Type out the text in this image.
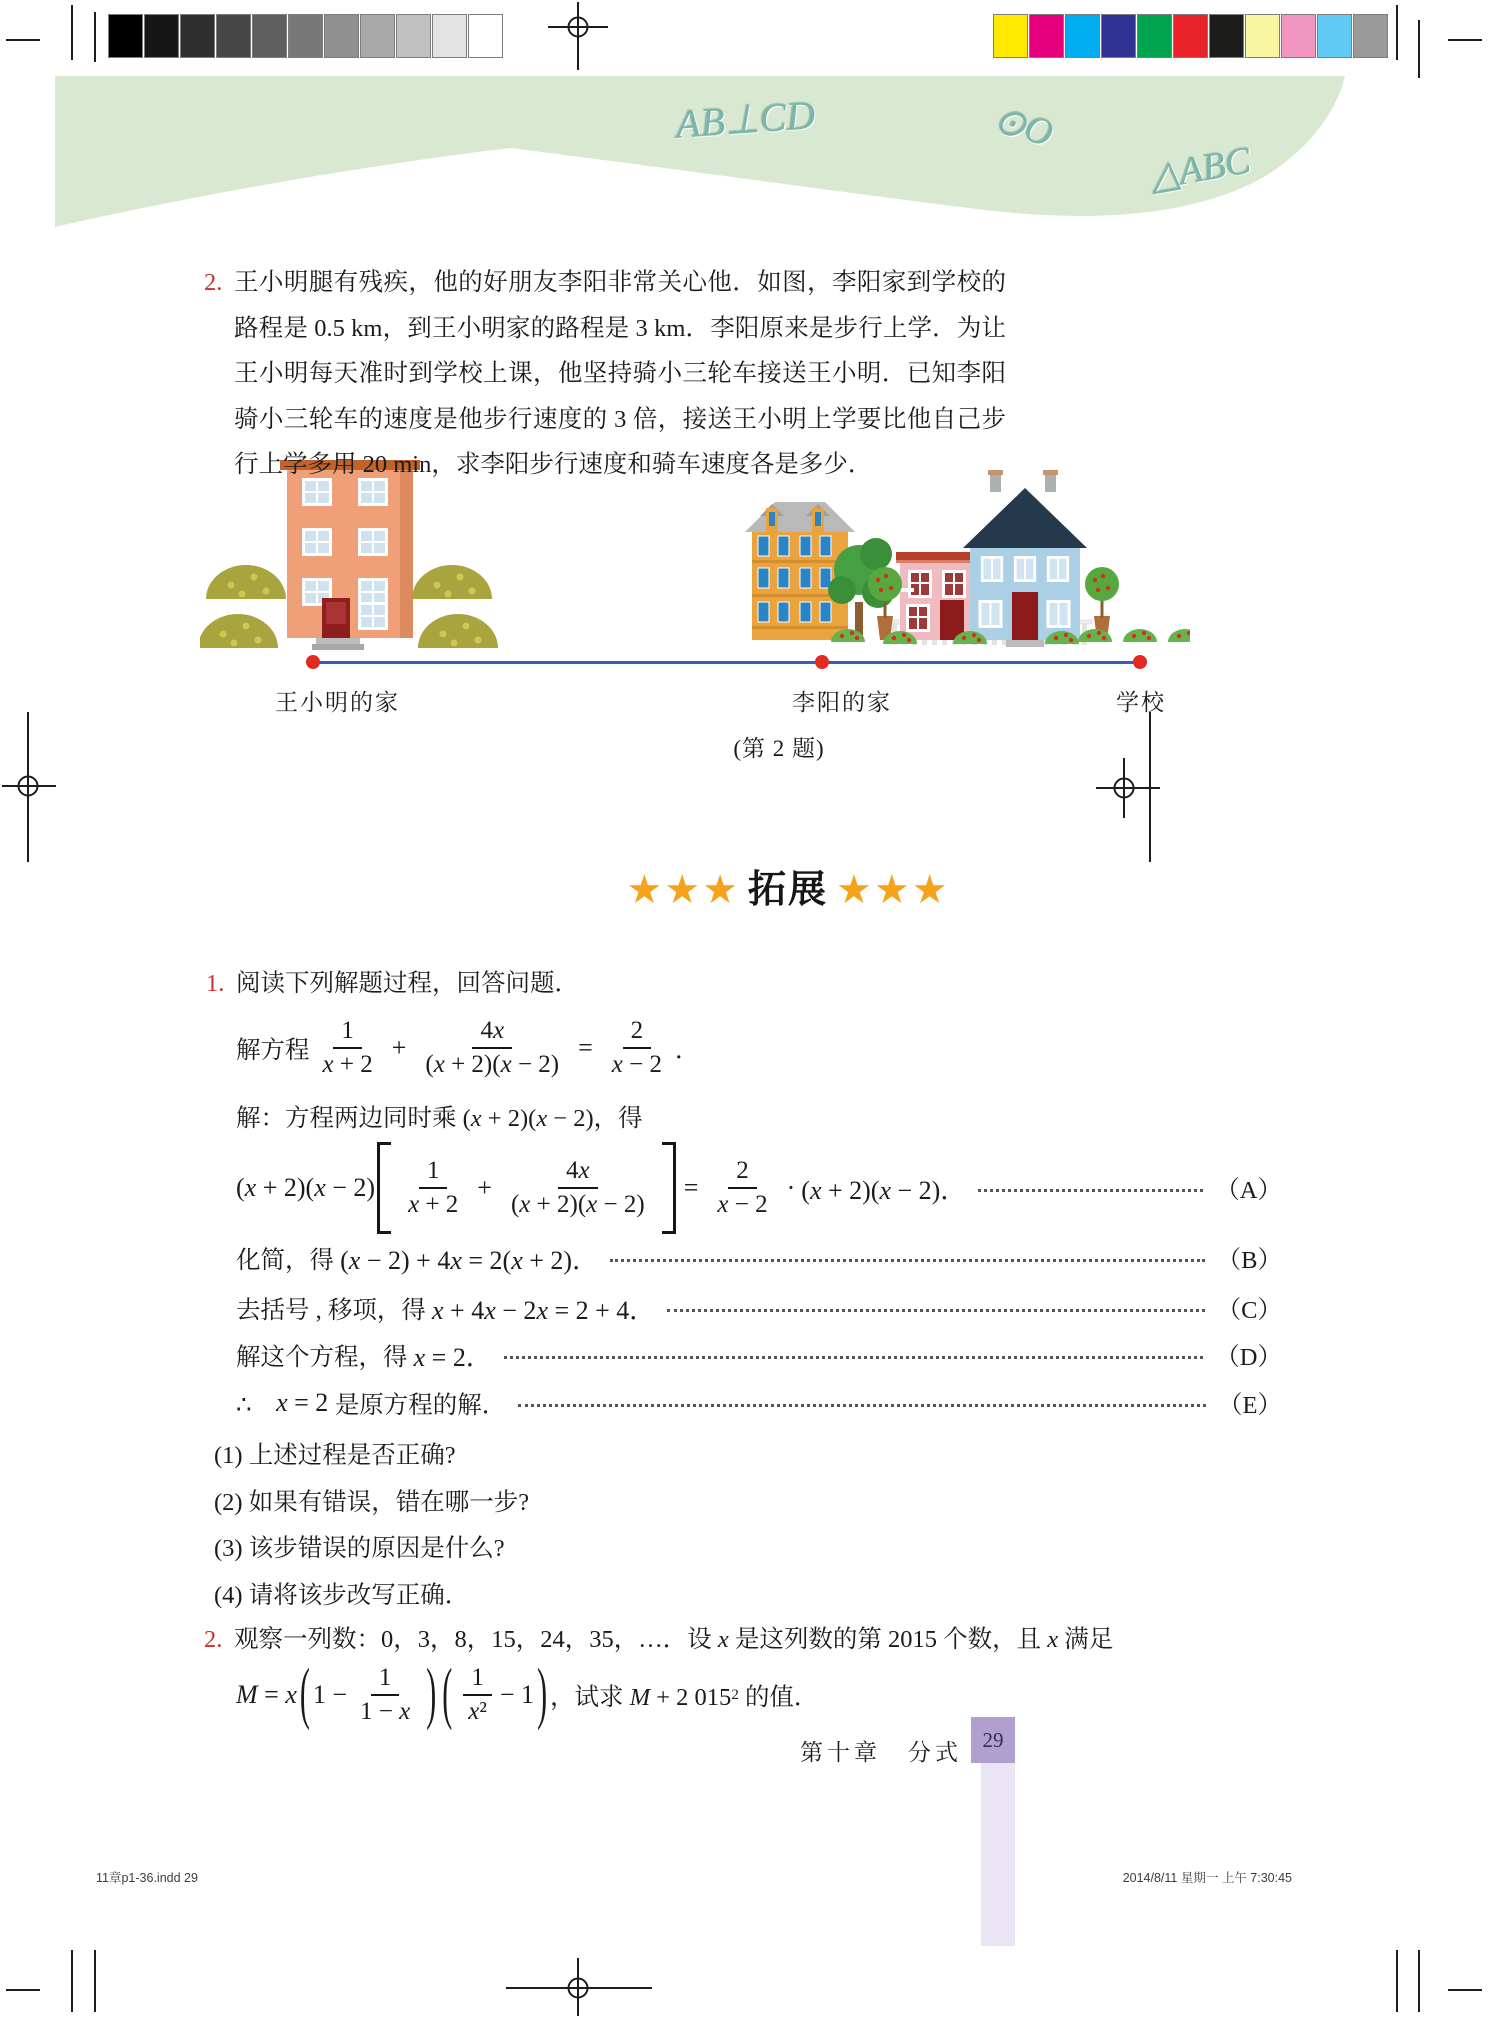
AB⊥CD	⊙O
△ABC
2. 王小明腿有残疾，他的好朋友李阳非常关心他．如图，李阳家到学校的路程是 0.5 km，到王小明家的路程是 3 km．李阳原来是步行上学．为让王小明每天准时到学校上课，他坚持骑小三轮车接送王小明．已知李阳骑小三轮车的速度是他步行速度的 3 倍，接送王小明上学要比他自己步行上学多用 20 min，求李阳步行速度和骑车速度各是多少．
王小明的家	李阳的家	学校
(第 2 题)
★★★ 拓展 ★★★
1. 阅读下列解题过程，回答问题．
解方程 $\frac{1}{x + 2} + \frac{4x}{(x + 2)(x - 2)} = \frac{2}{x - 2}$ ．
解：方程两边同时乘 (x + 2)(x − 2)，得
$(x + 2)(x - 2) \frac{1}{x + 2} + \frac{4x}{(x + 2)(x - 2)} = \frac{2}{x - 2} \cdot (x + 2)(x - 2)$．	（A）
化简，得 (x − 2) + 4x = 2(x + 2)．	（B）
去括号 , 移项，得 x + 4x − 2x = 2 + 4．	（C）
解这个方程，得 x = 2．	（D）
∴　 x = 2 是原方程的解．	（E）
(1) 上述过程是否正确?
(2) 如果有错误，错在哪一步?
(3) 该步错误的原因是什么?
(4) 请将该步改写正确．
2. 观察一列数：0，3，8，15，24，35，…．设 x 是这列数的第 2015 个数，且 x 满足
M = x ( $1 - \frac{1}{1 - x}$ ) ( $\frac{1}{\text{x²}} - 1$ ) ，试求 M + 2 015 2 的值．
第十章　分式
29
11章p1-36.indd 29	2014/8/11 星期一 上午 7:30:45
